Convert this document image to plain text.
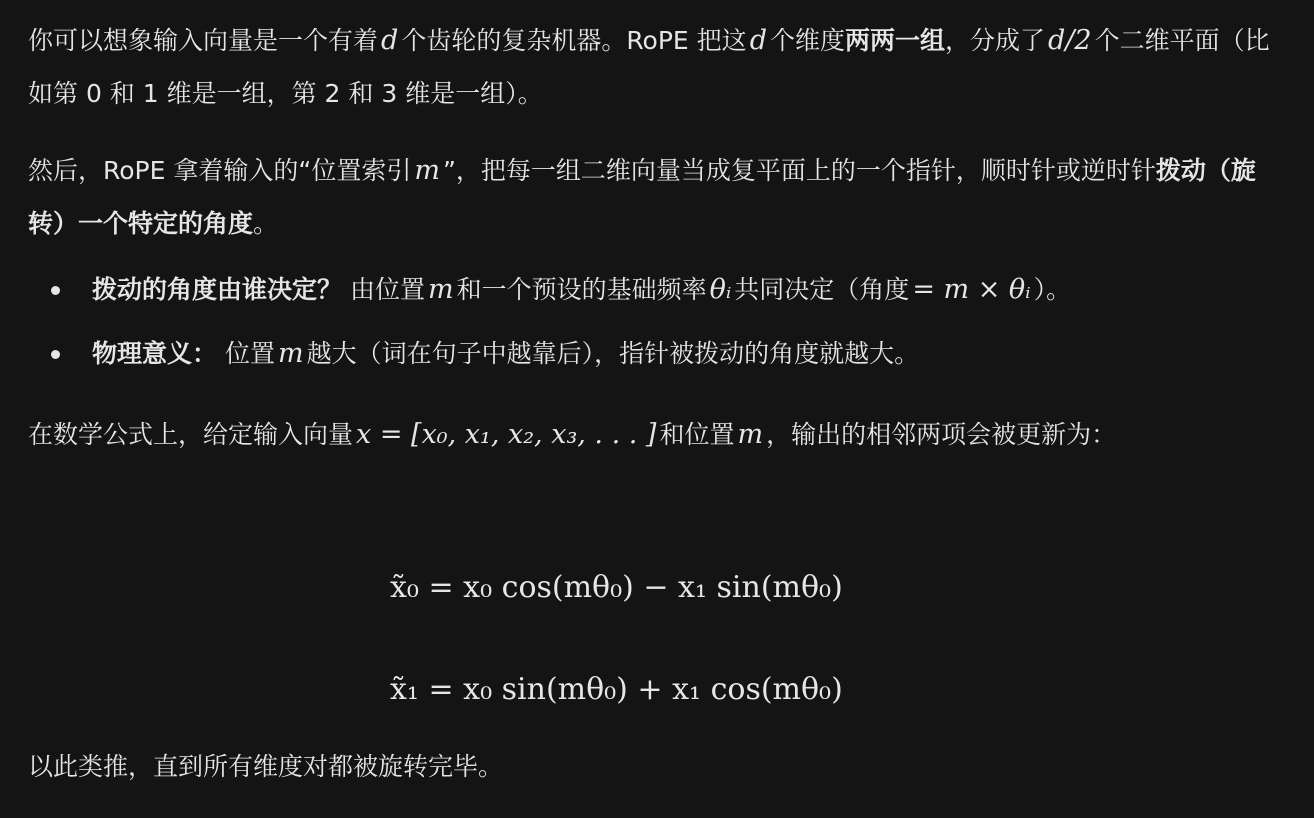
你可以想象输入向量是一个有着 d 个齿轮的复杂机器。RoPE 把这 d 个维度两两一组，分成了 d/2 个二维平面（比如第 0 和 1 维是一组，第 2 和 3 维是一组）。

然后，RoPE 拿着输入的“位置索引 m ”，把每一组二维向量当成复平面上的一个指针，顺时针或逆时针拨动（旋转）一个特定的角度。

拨动的角度由谁决定？ 由位置 m 和一个预设的基础频率 θᵢ 共同决定（角度 = m × θᵢ ）。
物理意义： 位置 m 越大（词在句子中越靠后），指针被拨动的角度就越大。

在数学公式上，给定输入向量 x = [x₀, x₁, x₂, x₃, . . . ] 和位置 m ，输出的相邻两项会被更新为：

x̃₀ = x₀ cos(mθ₀) − x₁ sin(mθ₀)
x̃₁ = x₀ sin(mθ₀) + x₁ cos(mθ₀)

以此类推，直到所有维度对都被旋转完毕。
